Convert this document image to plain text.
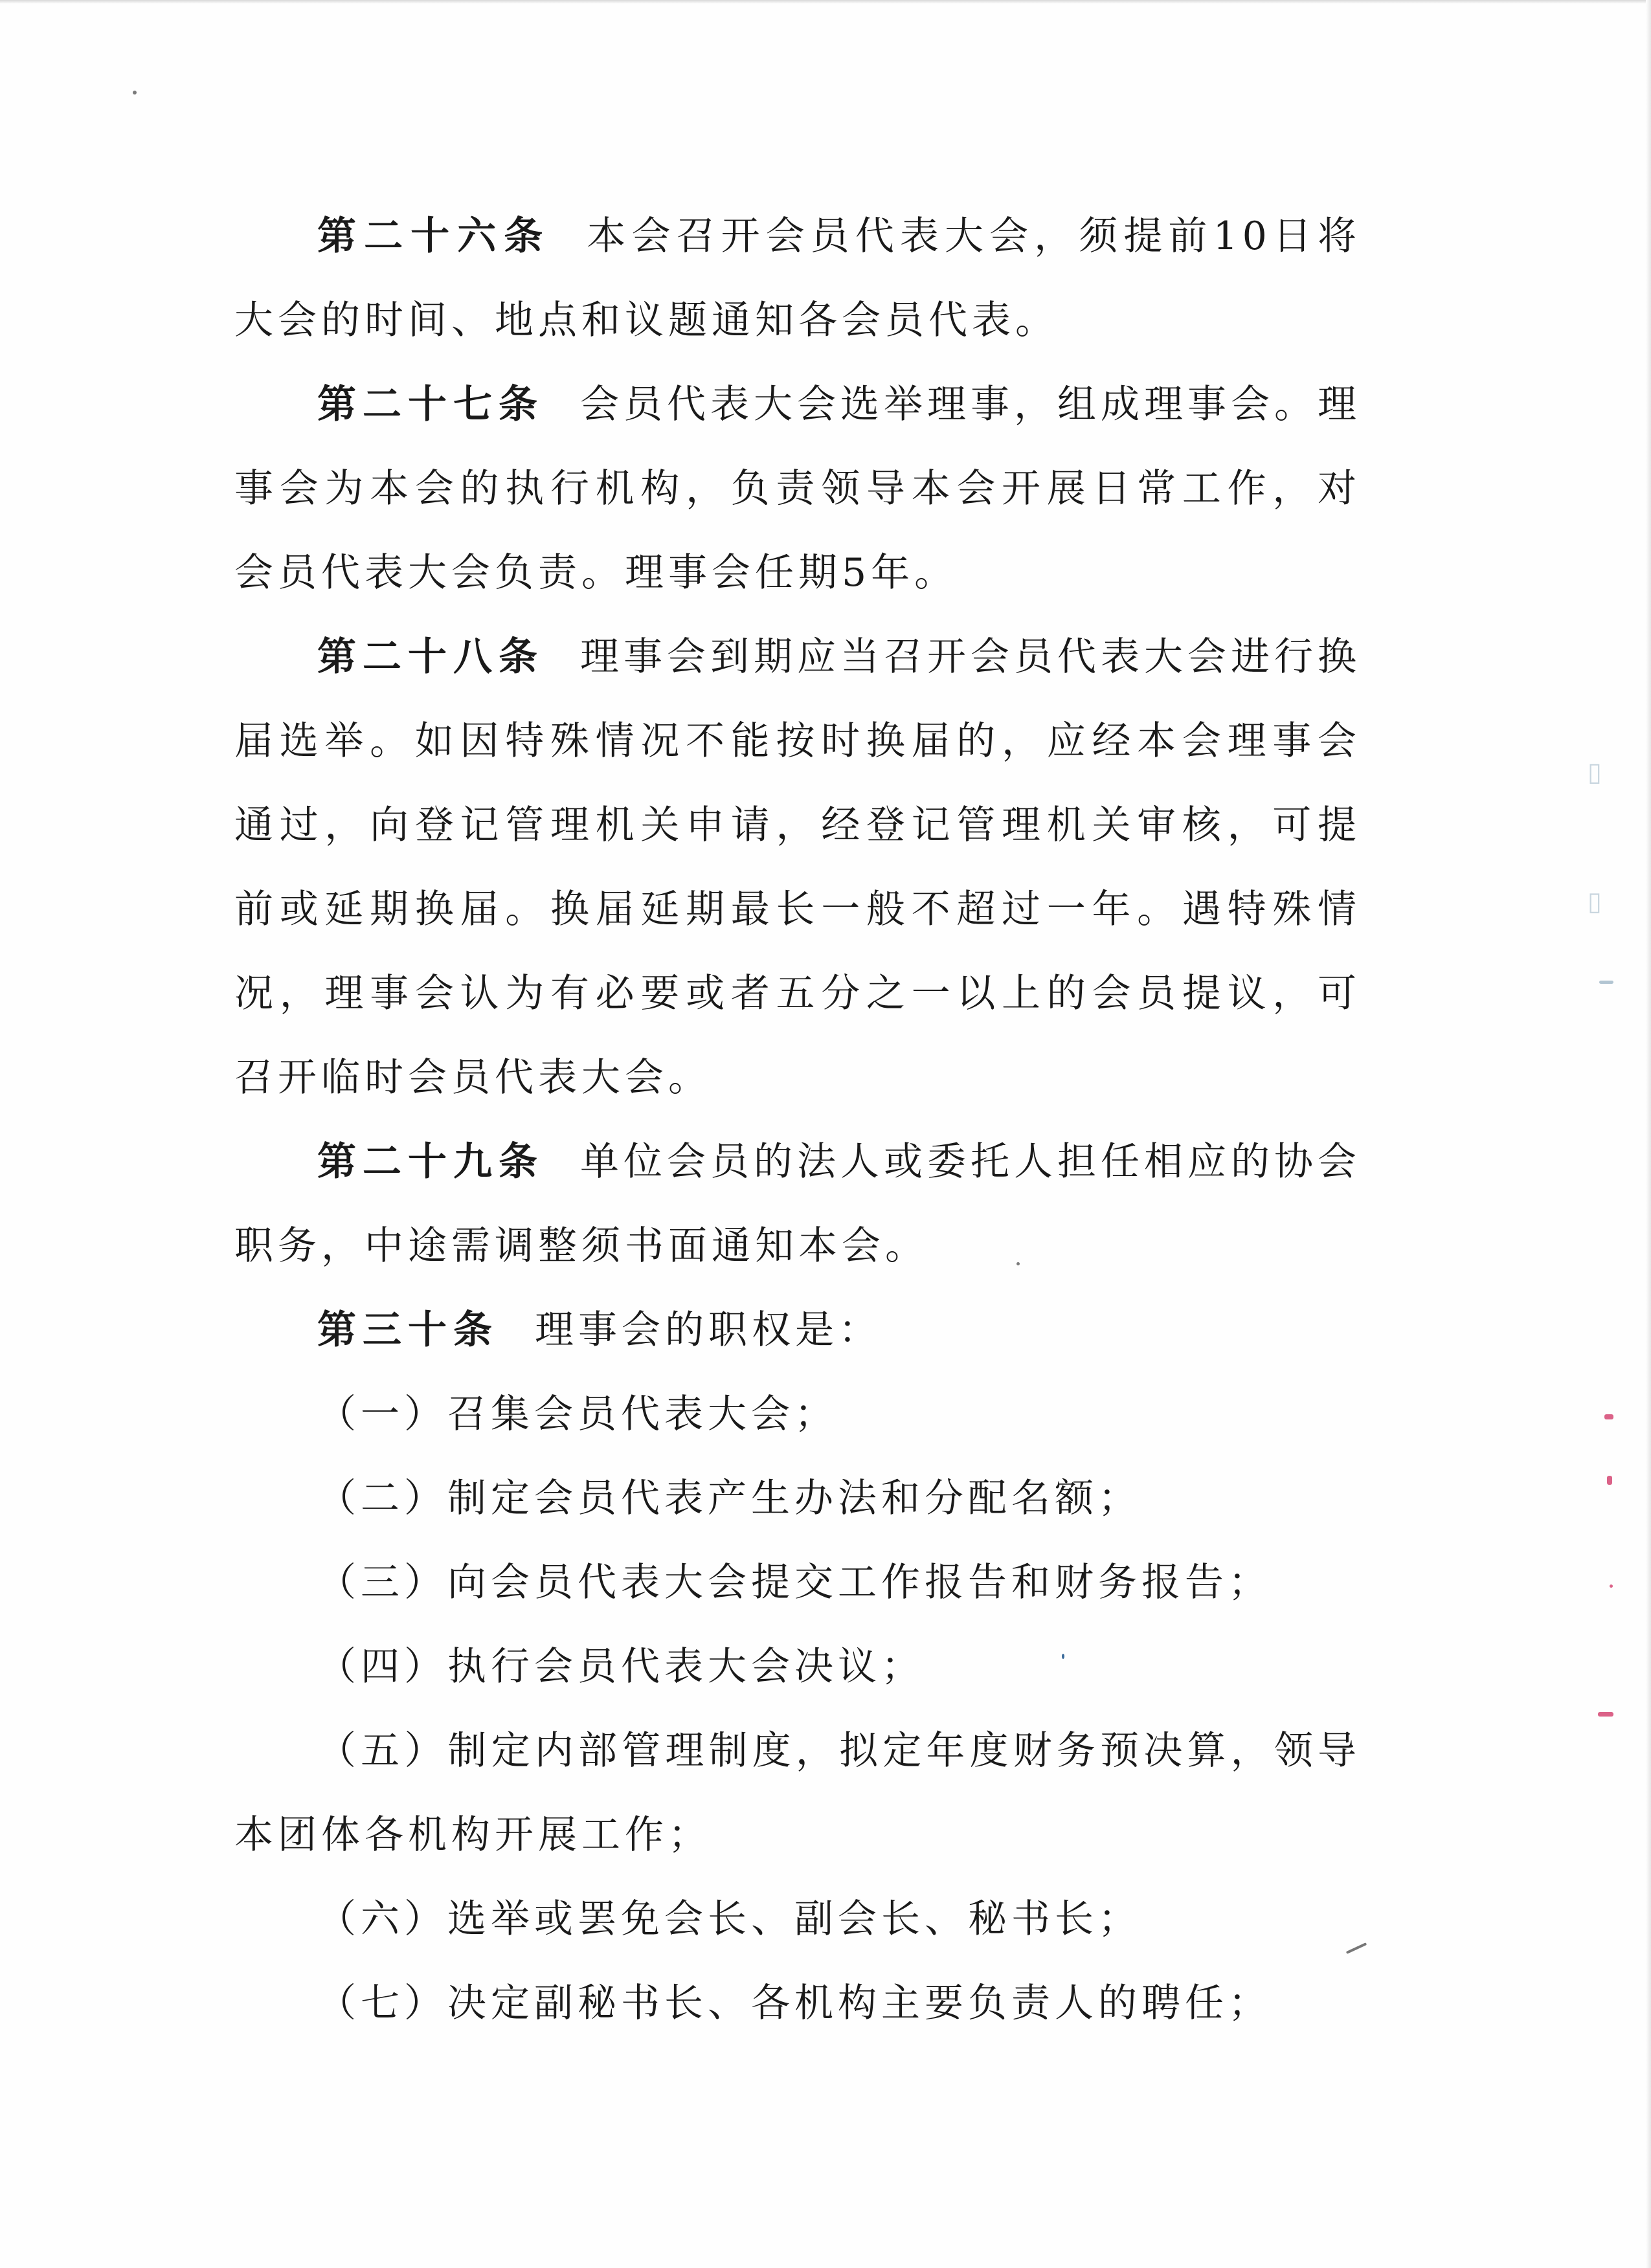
第二十六条 本会召开会员代表大会，须提前10日将大会的时间、地点和议题通知各会员代表。

第二十七条 会员代表大会选举理事，组成理事会。理事会为本会的执行机构，负责领导本会开展日常工作，对会员代表大会负责。理事会任期5年。

第二十八条 理事会到期应当召开会员代表大会进行换届选举。如因特殊情况不能按时换届的，应经本会理事会通过，向登记管理机关申请，经登记管理机关审核，可提前或延期换届。换届延期最长一般不超过一年。遇特殊情况，理事会认为有必要或者五分之一以上的会员提议，可召开临时会员代表大会。

第二十九条 单位会员的法人或委托人担任相应的协会职务，中途需调整须书面通知本会。

第三十条 理事会的职权是：

（一）召集会员代表大会；

（二）制定会员代表产生办法和分配名额；

（三）向会员代表大会提交工作报告和财务报告；

（四）执行会员代表大会决议；

（五）制定内部管理制度，拟定年度财务预决算，领导本团体各机构开展工作；

（六）选举或罢免会长、副会长、秘书长；

（七）决定副秘书长、各机构主要负责人的聘任；

▯
▯
